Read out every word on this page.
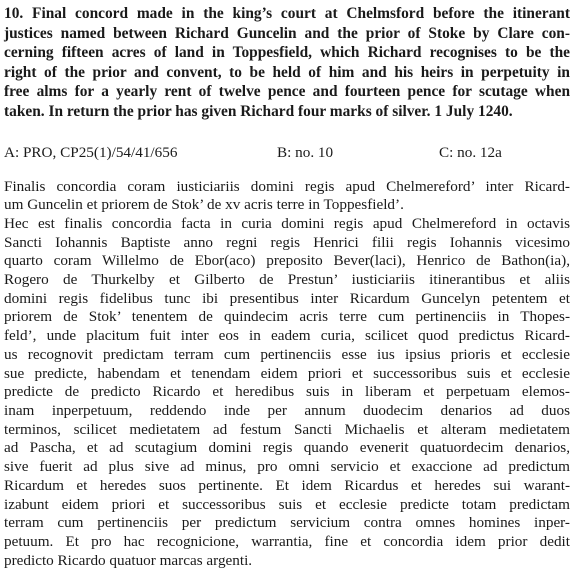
10. Final concord made in the king’s court at Chelmsford before the itinerant
justices named between Richard Guncelin and the prior of Stoke by Clare con-
cerning fifteen acres of land in Toppesfield, which Richard recognises to be the
right of the prior and convent, to be held of him and his heirs in perpetuity in
free alms for a yearly rent of twelve pence and fourteen pence for scutage when
taken. In return the prior has given Richard four marks of silver. 1 July 1240.
A: PRO, CP25(1)/54/41/656	B: no. 10	C: no. 12a
Finalis concordia coram iusticiariis domini regis apud Chelmereford’ inter Ricard-
um Guncelin et priorem de Stok’ de xv acris terre in Toppesfield’.
Hec est finalis concordia facta in curia domini regis apud Chelmereford in octavis
Sancti Iohannis Baptiste anno regni regis Henrici filii regis Iohannis vicesimo
quarto coram Willelmo de Ebor(aco) preposito Bever(laci), Henrico de Bathon(ia),
Rogero de Thurkelby et Gilberto de Prestun’ iusticiariis itinerantibus et aliis
domini regis fidelibus tunc ibi presentibus inter Ricardum Guncelyn petentem et
priorem de Stok’ tenentem de quindecim acris terre cum pertinenciis in Thopes-
feld’, unde placitum fuit inter eos in eadem curia, scilicet quod predictus Ricard-
us recognovit predictam terram cum pertinenciis esse ius ipsius prioris et ecclesie
sue predicte, habendam et tenendam eidem priori et successoribus suis et ecclesie
predicte de predicto Ricardo et heredibus suis in liberam et perpetuam elemos-
inam inperpetuum, reddendo inde per annum duodecim denarios ad duos
terminos, scilicet medietatem ad festum Sancti Michaelis et alteram medietatem
ad Pascha, et ad scutagium domini regis quando evenerit quatuordecim denarios,
sive fuerit ad plus sive ad minus, pro omni servicio et exaccione ad predictum
Ricardum et heredes suos pertinente. Et idem Ricardus et heredes sui warant-
izabunt eidem priori et successoribus suis et ecclesie predicte totam predictam
terram cum pertinenciis per predictum servicium contra omnes homines inper-
petuum. Et pro hac recognicione, warrantia, fine et concordia idem prior dedit
predicto Ricardo quatuor marcas argenti.
